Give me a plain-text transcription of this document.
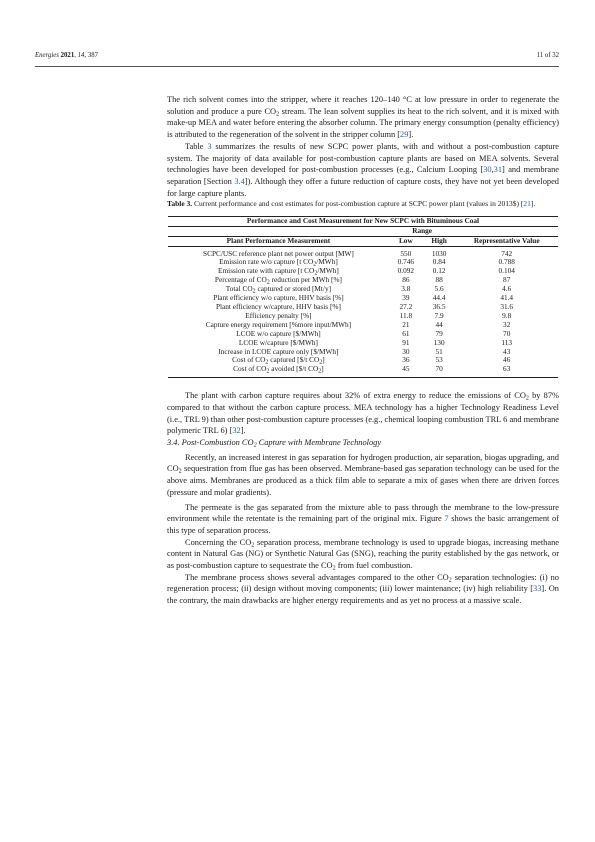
Energies 2021, 14, 387	11 of 32

The rich solvent comes into the stripper, where it reaches 120–140 °C at low pressure in order to regenerate the solution and produce a pure $CO_2$ stream. The lean solvent supplies its heat to the rich solvent, and it is mixed with make-up MEA and water before entering the absorber column. The primary energy consumption (penalty efficiency) is attributed to the regeneration of the solvent in the stripper column [29].

Table 3 summarizes the results of new SCPC power plants, with and without a post-combustion capture system. The majority of data available for post-combustion capture plants are based on MEA solvents. Several technologies have been developed for post-combustion processes (e.g., Calcium Looping [30,31] and membrane separation [Section 3.4]). Although they offer a future reduction of capture costs, they have not yet been developed for large capture plants.

Table 3. Current performance and cost estimates for post-combustion capture at SCPC power plant (values in 2013$) [21].

Performance and Cost Measurement for New SCPC with Bituminous Coal			
	Range		
Plant Performance Measurement	Low	High	Representative Value
SCPC/USC reference plant net power output [MW]	550	1030	742
Emission rate w/o capture [t $CO_2/MWh$]	0.746	0.84	0.788
Emission rate with capture [t $CO_2/MWh$]	0.092	0.12	0.104
Percentage of $CO_2$ reduction per MWh [%]	86	88	87
Total $CO_2$ captured or stored [Mt/y]	3.8	5.6	4.6
Plant efficiency w/o capture, HHV basis [%]	39	44.4	41.4
Plant efficiency w/capture, HHV basis [%]	27.2	36.5	31.6
Efficiency penalty [%]	11.8	7.9	9.8
Capture energy requirement [%more input/MWh]	21	44	32
LCOE w/o capture [$/MWh]	61	79	70
LCOE w/capture [$/MWh]	91	130	113
Increase in LCOE capture only [$/MWh]	30	51	43
Cost of $CO_2$ captured [$/t $CO_2$]	36	53	46
Cost of $CO_2$ avoided [$/t $CO_2$]	45	70	63

The plant with carbon capture requires about 32% of extra energy to reduce the emissions of $CO_2$ by 87% compared to that without the carbon capture process. MEA technology has a higher Technology Readiness Level (i.e., TRL 9) than other post-combustion capture processes (e.g., chemical looping combustion TRL 6 and membrane polymeric TRL 6) [32].

3.4. Post-Combustion $CO_2$ Capture with Membrane Technology

Recently, an increased interest in gas separation for hydrogen production, air separation, biogas upgrading, and $CO_2$ sequestration from flue gas has been observed. Membrane-based gas separation technology can be used for the above aims. Membranes are produced as a thick film able to separate a mix of gases when there are driven forces (pressure and molar gradients).

The permeate is the gas separated from the mixture able to pass through the membrane to the low-pressure environment while the retentate is the remaining part of the original mix. Figure 7 shows the basic arrangement of this type of separation process.

Concerning the $CO_2$ separation process, membrane technology is used to upgrade biogas, increasing methane content in Natural Gas (NG) or Synthetic Natural Gas (SNG), reaching the purity established by the gas network, or as post-combustion capture to sequestrate the $CO_2$ from fuel combustion.

The membrane process shows several advantages compared to the other $CO_2$ separation technologies: (i) no regeneration process; (ii) design without moving components; (iii) lower maintenance; (iv) high reliability [33]. On the contrary, the main drawbacks are higher energy requirements and as yet no process at a massive scale.
